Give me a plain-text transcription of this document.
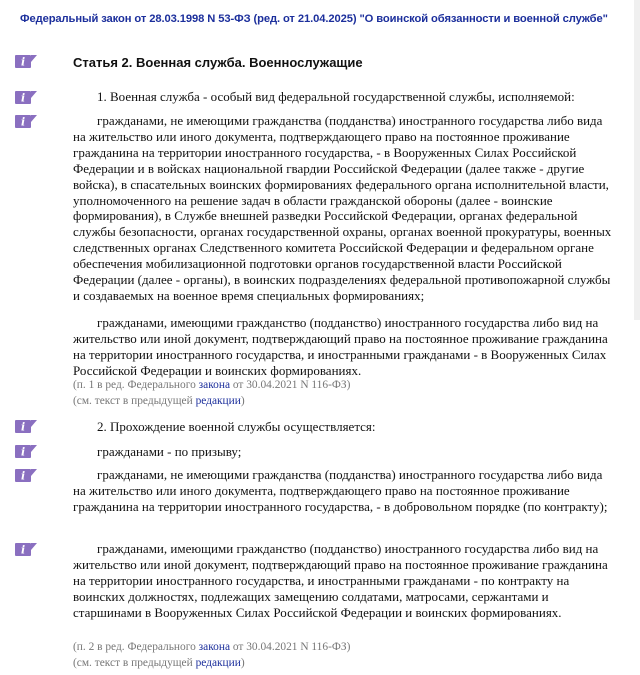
Федеральный закон от 28.03.1998 N 53-ФЗ (ред. от 21.04.2025) "О воинской обязанности и военной службе"
i
i
i
i
i
i
i
Статья 2. Военная служба. Военнослужащие
1. Военная служба - особый вид федеральной государственной службы, исполняемой:
гражданами, не имеющими гражданства (подданства) иностранного государства либо вида на жительство или иного документа, подтверждающего право на постоянное проживание гражданина на территории иностранного государства, - в Вооруженных Силах Российской Федерации и в войсках национальной гвардии Российской Федерации (далее также - другие войска), в спасательных воинских формированиях федерального органа исполнительной власти, уполномоченного на решение задач в области гражданской обороны (далее - воинские формирования), в Службе внешней разведки Российской Федерации, органах федеральной службы безопасности, органах государственной охраны, органах военной прокуратуры, военных следственных органах Следственного комитета Российской Федерации и федеральном органе обеспечения мобилизационной подготовки органов государственной власти Российской Федерации (далее - органы), в воинских подразделениях федеральной противопожарной службы и создаваемых на военное время специальных формированиях;
гражданами, имеющими гражданство (подданство) иностранного государства либо вид на жительство или иной документ, подтверждающий право на постоянное проживание гражданина на территории иностранного государства, и иностранными гражданами - в Вооруженных Силах Российской Федерации и воинских формированиях.
(п. 1 в ред. Федерального закона от 30.04.2021 N 116-ФЗ)
(см. текст в предыдущей редакции)
2. Прохождение военной службы осуществляется:
гражданами - по призыву;
гражданами, не имеющими гражданства (подданства) иностранного государства либо вида на жительство или иного документа, подтверждающего право на постоянное проживание гражданина на территории иностранного государства, - в добровольном порядке (по контракту);
гражданами, имеющими гражданство (подданство) иностранного государства либо вид на жительство или иной документ, подтверждающий право на постоянное проживание гражданина на территории иностранного государства, и иностранными гражданами - по контракту на воинских должностях, подлежащих замещению солдатами, матросами, сержантами и старшинами в Вооруженных Силах Российской Федерации и воинских формированиях.
(п. 2 в ред. Федерального закона от 30.04.2021 N 116-ФЗ)
(см. текст в предыдущей редакции)
